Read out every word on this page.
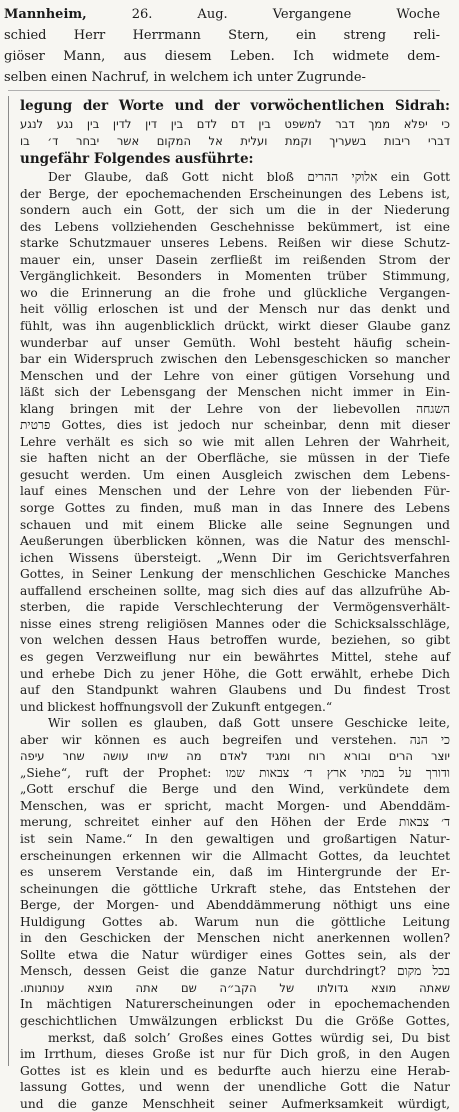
Mannheim,	26. Aug. Vergangene Woche
schied Herr Herrmann Stern, ein streng reli-
giöser Mann, aus diesem Leben. Ich widmete dem-
selben einen Nachruf, in welchem ich unter Zugrunde-
legung der Worte und der vorwöchentlichen Sidrah:
כי יפלא ממך דבר למשפט בין דם לדם בין דין לדין בין נגע לנגע
דברי ריבות בשעריך וקמת ועלית אל המקום אשר יבחר ד׳ בו
ungefähr Folgendes ausführte:
Der Glaube, daß Gott nicht bloß אלוקי ההרים ein Gott
der Berge, der epochemachenden Erscheinungen des Lebens ist,
sondern auch ein Gott, der sich um die in der Niederung
des Lebens vollziehenden Geschehnisse bekümmert, ist eine
starke Schutzmauer unseres Lebens. Reißen wir diese Schutz-
mauer ein, unser Dasein zerfließt im reißenden Strom der
Vergänglichkeit. Besonders in Momenten trüber Stimmung,
wo die Erinnerung an die frohe und glückliche Vergangen-
heit völlig erloschen ist und der Mensch nur das denkt und
fühlt, was ihn augenblicklich drückt, wirkt dieser Glaube ganz
wunderbar auf unser Gemüth. Wohl besteht häufig schein-
bar ein Widerspruch zwischen den Lebensgeschicken so mancher
Menschen und der Lehre von einer gütigen Vorsehung und
läßt sich der Lebensgang der Menschen nicht immer in Ein-
klang bringen mit der Lehre von der liebevollen השגחה
פרטית Gottes, dies ist jedoch nur scheinbar, denn mit dieser
Lehre verhält es sich so wie mit allen Lehren der Wahrheit,
sie haften nicht an der Oberfläche, sie müssen in der Tiefe
gesucht werden. Um einen Ausgleich zwischen dem Lebens-
lauf eines Menschen und der Lehre von der liebenden Für-
sorge Gottes zu finden, muß man in das Innere des Lebens
schauen und mit einem Blicke alle seine Segnungen und
Aeußerungen überblicken können, was die Natur des menschl-
ichen Wissens übersteigt. „Wenn Dir im Gerichtsverfahren
Gottes, in Seiner Lenkung der menschlichen Geschicke Manches
auffallend erscheinen sollte, mag sich dies auf das allzufrühe Ab-
sterben, die rapide Verschlechterung der Vermögensverhält-
nisse eines streng religiösen Mannes oder die Schicksalsschläge,
von welchen dessen Haus betroffen wurde, beziehen, so gibt
es gegen Verzweiflung nur ein bewährtes Mittel, stehe auf
und erhebe Dich zu jener Höhe, die Gott erwählt, erhebe Dich
auf den Standpunkt wahren Glaubens und Du findest Trost
und blickest hoffnungsvoll der Zukunft entgegen.“
Wir sollen es glauben, daß Gott unsere Geschicke leite,
aber wir können es auch begreifen und verstehen. כי הנה
יוצר הרים ובורא רוח ומגיד לאדם מה שיחו עושה שחר עיפה
„Siehe“, ruft der Prophet: ודורך על במתי ארץ ד׳ צבאות שמו
„Gott erschuf die Berge und den Wind, verkündete dem
Menschen, was er spricht, macht Morgen- und Abenddäm-
merung, schreitet einher auf den Höhen der Erde ד׳ צבאות
ist sein Name.“ In den gewaltigen und großartigen Natur-
erscheinungen erkennen wir die Allmacht Gottes, da leuchtet
es unserem Verstande ein, daß im Hintergrunde der Er-
scheinungen die göttliche Urkraft stehe, das Entstehen der
Berge, der Morgen- und Abenddämmerung nöthigt uns eine
Huldigung Gottes ab. Warum nun die göttliche Leitung
in den Geschicken der Menschen nicht anerkennen wollen?
Sollte etwa die Natur würdiger eines Gottes sein, als der
Mensch, dessen Geist die ganze Natur durchdringt? בכל מקום
שאתה מוצא גדולתו של הקב״ה שם אתה מוצא ענותנותו.
In mächtigen Naturerscheinungen oder in epochemachenden
geschichtlichen Umwälzungen erblickst Du die Größe Gottes,
merkst, daß solch’ Großes eines Gottes würdig sei, Du bist
im Irrthum, dieses Große ist nur für Dich groß, in den Augen
Gottes ist es klein und es bedurfte auch hierzu eine Herab-
lassung Gottes, und wenn der unendliche Gott die Natur
und die ganze Menschheit seiner Aufmerksamkeit würdigt,
